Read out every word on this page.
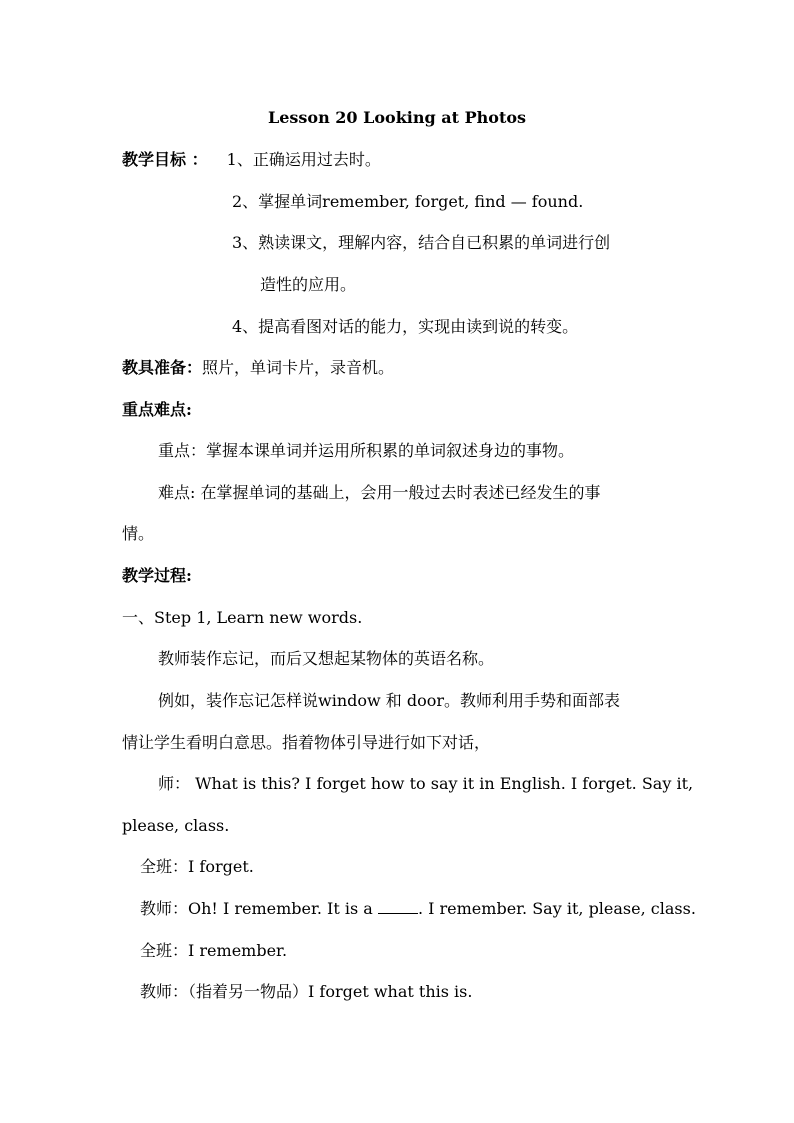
Lesson 20 Looking at Photos
教学目标 ： 1、正确运用过去时。
2、掌握单词remember, forget, find — found.
3、熟读课文，理解内容，结合自已积累的单词进行创
造性的应用。
4、提高看图对话的能力，实现由读到说的转变。
教具准备：照片，单词卡片，录音机。
重点难点:
重点：掌握本课单词并运用所积累的单词叙述身边的事物。
难点: 在掌握单词的基础上，会用一般过去时表述已经发生的事
情。
教学过程:
一、Step 1, Learn new words.
教师装作忘记，而后又想起某物体的英语名称。
例如，装作忘记怎样说window 和 door。教师利用手势和面部表
情让学生看明白意思。指着物体引导进行如下对话，
师： What is this? I forget how to say it in English. I forget. Say it,
please, class.
全班：I forget.
教师：Oh! I remember. It is a	. I remember. Say it, please, class.
全班：I remember.
教师：（指着另一物品）I forget what this is.
